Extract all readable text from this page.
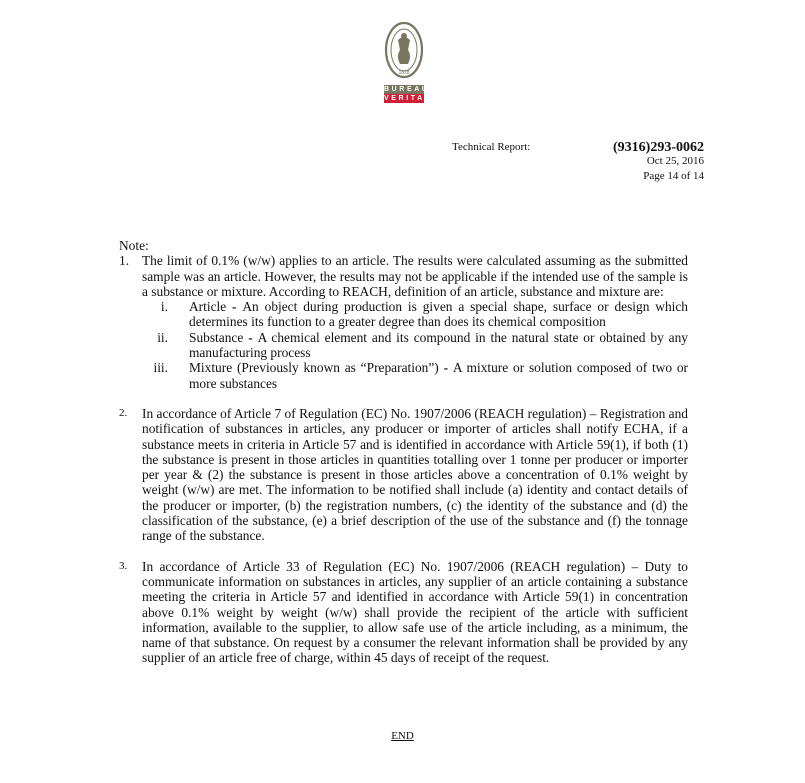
1828
BUREAU
VERITAS
Technical Report:	(9316)293-0062
Oct 25, 2016
Page 14 of 14

Note:

1. The limit of 0.1% (w/w) applies to an article. The results were calculated assuming as the submitted sample was an article. However, the results may not be applicable if the intended use of the sample is a substance or mixture. According to REACH, definition of an article, substance and mixture are:
i. Article - An object during production is given a special shape, surface or design which determines its function to a greater degree than does its chemical composition
ii. Substance - A chemical element and its compound in the natural state or obtained by any manufacturing process
iii. Mixture (Previously known as “Preparation”) - A mixture or solution composed of two or more substances
2. In accordance of Article 7 of Regulation (EC) No. 1907/2006 (REACH regulation) – Registration and notification of substances in articles, any producer or importer of articles shall notify ECHA, if a substance meets in criteria in Article 57 and is identified in accordance with Article 59(1), if both (1) the substance is present in those articles in quantities totalling over 1 tonne per producer or importer per year & (2) the substance is present in those articles above a concentration of 0.1% weight by weight (w/w) are met. The information to be notified shall include (a) identity and contact details of the producer or importer, (b) the registration numbers, (c) the identity of the substance and (d) the classification of the substance, (e) a brief description of the use of the substance and (f) the tonnage range of the substance.
3. In accordance of Article 33 of Regulation (EC) No. 1907/2006 (REACH regulation) – Duty to communicate information on substances in articles, any supplier of an article containing a substance meeting the criteria in Article 57 and identified in accordance with Article 59(1) in concentration above 0.1% weight by weight (w/w) shall provide the recipient of the article with sufficient information, available to the supplier, to allow safe use of the article including, as a minimum, the name of that substance. On request by a consumer the relevant information shall be provided by any supplier of an article free of charge, within 45 days of receipt of the request.
END
